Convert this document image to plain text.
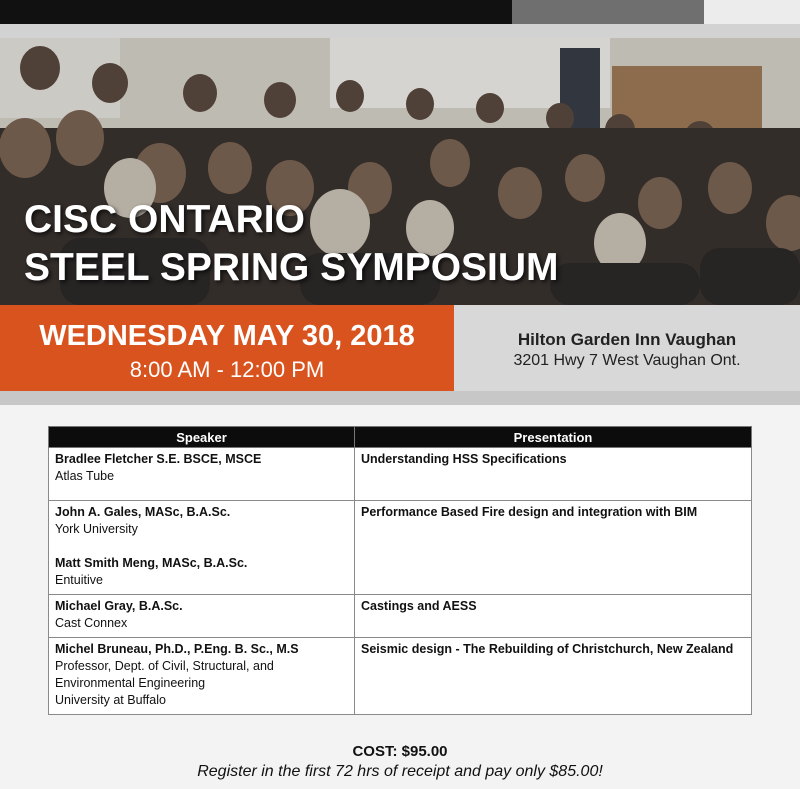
CISC ONTARIO
STEEL SPRING SYMPOSIUM
WEDNESDAY MAY 30, 2018
8:00 AM - 12:00 PM
Hilton Garden Inn Vaughan
3201 Hwy 7 West Vaughan Ont.
Speaker	Presentation

Bradlee Fletcher S.E. BSCE, MSCE
Atlas Tube	Understanding HSS Specifications

John A. Gales, MASc, B.A.Sc.
York University
Matt Smith Meng, MASc, B.A.Sc.
Entuitive	Performance Based Fire design and integration with BIM

Michael Gray, B.A.Sc.
Cast Connex	Castings and AESS

Michel Bruneau, Ph.D., P.Eng. B. Sc., M.S
Professor, Dept. of Civil, Structural, and Environmental Engineering
University at Buffalo	Seismic design - The Rebuilding of Christchurch, New Zealand
COST: $95.00
Register in the first 72 hrs of receipt and pay only $85.00!
